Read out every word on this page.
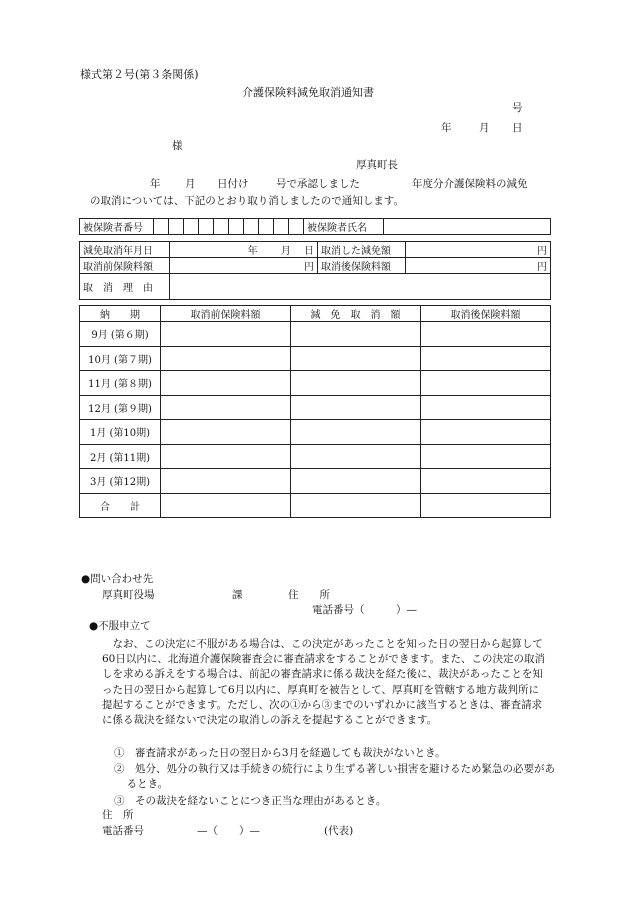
様式第２号(第３条関係)
介護保険料減免取消通知書
号
年	月 日
様
厚真町長
年 月 日付け	号で承認しました	年度分介護保険料の減免
の取消については、下記のとおり取り消しましたので通知します。
被保険者番号											被保険者氏名	
減免取消年月日	年　　 月　 日	取消した減免額	円
取消前保険料額	円	取消後保険料額	円
取　消　理　由			
納　　期	取消前保険料額	減　免　取　消　額	取消後保険料額
9月 (第６期)			
10月 (第７期)			
11月 (第８期)			
12月 (第９期)			
1月 (第10期)			
2月 (第11期)			
3月 (第12期)			
合　　計			
●問い合わせ先
厚真町役場	課	住　　所
電話番号（　　　）—
●不服申立て
なお、この決定に不服がある場合は、この決定があったことを知った日の翌日から起算して60日以内に、北海道介護保険審査会に審査請求をすることができます。また、この決定の取消しを求める訴えをする場合は、前記の審査請求に係る裁決を経た後に、裁決があったことを知った日の翌日から起算して6月以内に、厚真町を被告として、厚真町を管轄する地方裁判所に提起することができます。ただし、次の①から③までのいずれかに該当するときは、審査請求に係る裁決を経ないで決定の取消しの訴えを提起することができます。
①　審査請求があった日の翌日から3月を経過しても裁決がないとき。
②　処分、処分の執行又は手続きの続行により生ずる著しい損害を避けるため緊急の必要があるとき。
③　その裁決を経ないことにつき正当な理由があるとき。
住　所
電話番号	—（　　）—	(代表)
